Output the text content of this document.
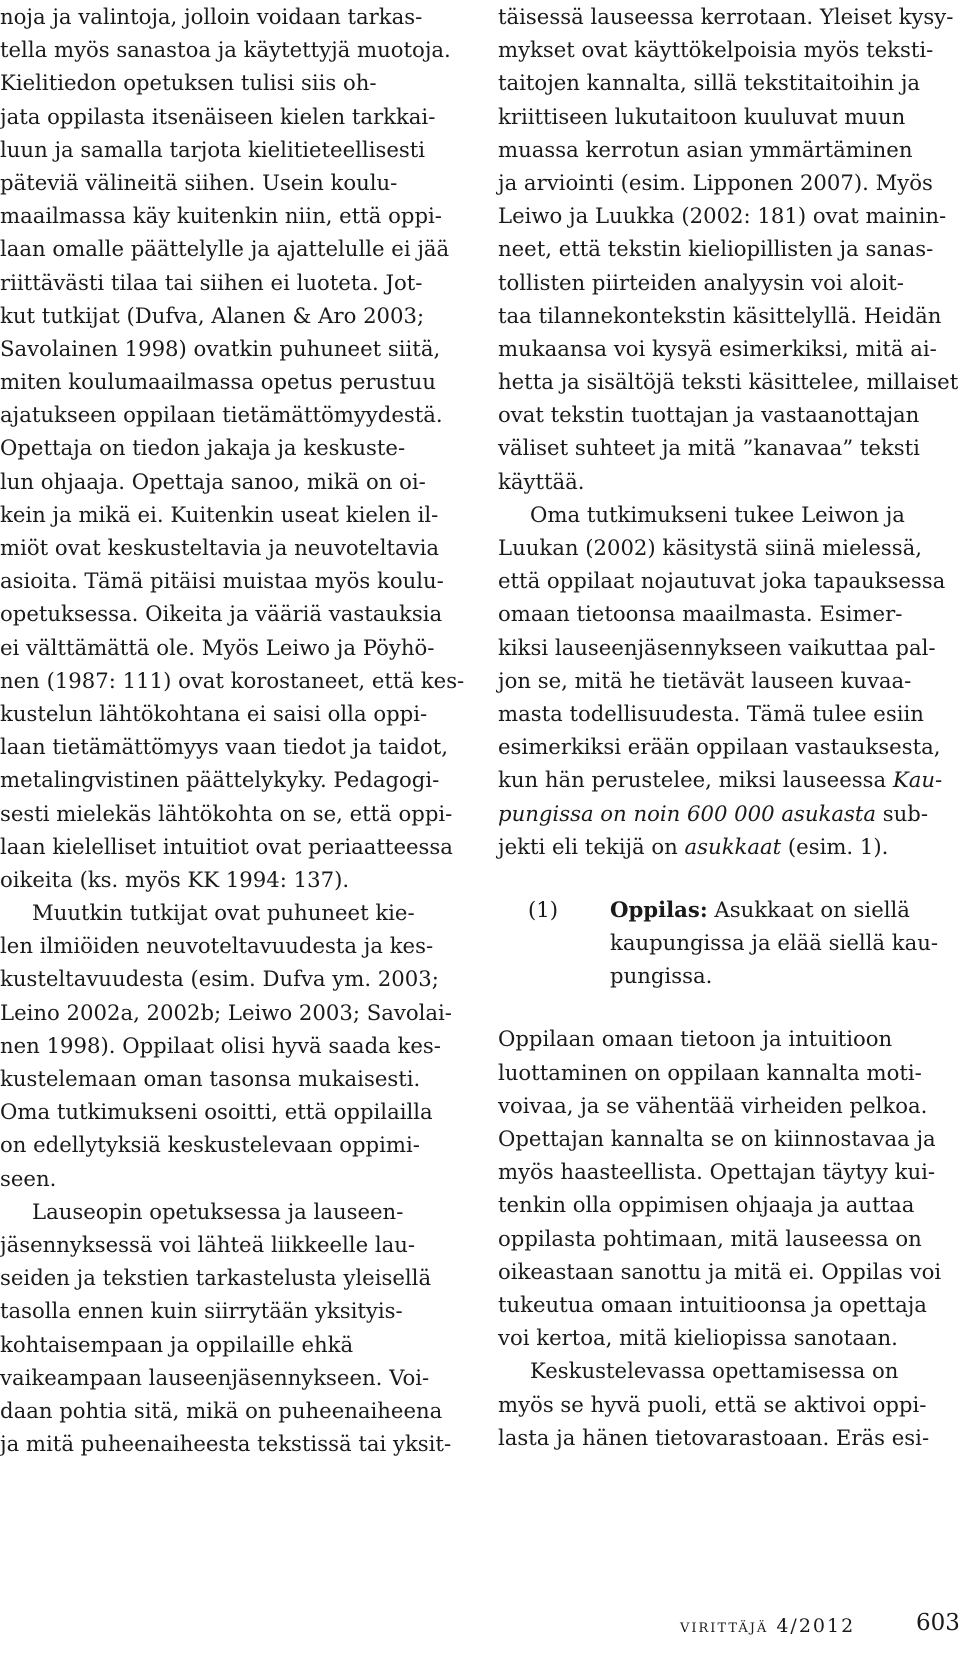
noja ja valintoja, jolloin voidaan tarkas-
tella myös sanastoa ja käytettyjä muotoja.
Kielitiedon opetuksen tulisi siis oh-
jata oppilasta itsenäiseen kielen tarkkai-
luun ja samalla tarjota kielitieteellisesti
päteviä välineitä siihen. Usein koulu-
maailmassa käy kuitenkin niin, että oppi-
laan omalle päättelylle ja ajattelulle ei jää
riittävästi tilaa tai siihen ei luoteta. Jot-
kut tutkijat (Dufva, Alanen & Aro 2003;
Savolainen 1998) ovatkin puhuneet siitä,
miten koulumaailmassa opetus perustuu
ajatukseen oppilaan tietämättömyydestä.
Opettaja on tiedon jakaja ja keskuste-
lun ohjaaja. Opettaja sanoo, mikä on oi-
kein ja mikä ei. Kuitenkin useat kielen il-
miöt ovat keskusteltavia ja neuvoteltavia
asioita. Tämä pitäisi muistaa myös koulu-
opetuksessa. Oikeita ja vääriä vastauksia
ei välttämättä ole. Myös Leiwo ja Pöyhö-
nen (1987: 111) ovat korostaneet, että kes-
kustelun lähtökohtana ei saisi olla oppi-
laan tietämättömyys vaan tiedot ja taidot,
metalingvistinen päättelykyky. Pedagogi-
sesti mielekäs lähtökohta on se, että oppi-
laan kielelliset intuitiot ovat periaatteessa
oikeita (ks. myös KK 1994: 137).
Muutkin tutkijat ovat puhuneet kie-
len ilmiöiden neuvoteltavuudesta ja kes-
kusteltavuudesta (esim. Dufva ym. 2003;
Leino 2002a, 2002b; Leiwo 2003; Savolai-
nen 1998). Oppilaat olisi hyvä saada kes-
kustelemaan oman tasonsa mukaisesti.
Oma tutkimukseni osoitti, että oppilailla
on edellytyksiä keskustelevaan oppimi-
seen.
Lauseopin opetuksessa ja lauseen-
jäsennyksessä voi lähteä liikkeelle lau-
seiden ja tekstien tarkastelusta yleisellä
tasolla ennen kuin siirrytään yksityis-
kohtaisempaan ja oppilaille ehkä
vaikeampaan lauseenjäsennykseen. Voi-
daan pohtia sitä, mikä on puheenaiheena
ja mitä puheenaiheesta tekstissä tai yksit-
täisessä lauseessa kerrotaan. Yleiset kysy-
mykset ovat käyttökelpoisia myös teksti-
taitojen kannalta, sillä tekstitaitoihin ja
kriittiseen lukutaitoon kuuluvat muun
muassa kerrotun asian ymmärtäminen
ja arviointi (esim. Lipponen 2007). Myös
Leiwo ja Luukka (2002: 181) ovat mainin-
neet, että tekstin kieliopillisten ja sanas-
tollisten piirteiden analyysin voi aloit-
taa tilannekontekstin käsittelyllä. Heidän
mukaansa voi kysyä esimerkiksi, mitä ai-
hetta ja sisältöjä teksti käsittelee, millaiset
ovat tekstin tuottajan ja vastaanottajan
väliset suhteet ja mitä ”kanavaa” teksti
käyttää.
Oma tutkimukseni tukee Leiwon ja
Luukan (2002) käsitystä siinä mielessä,
että oppilaat nojautuvat joka tapauksessa
omaan tietoonsa maailmasta. Esimer-
kiksi lauseenjäsennykseen vaikuttaa pal-
jon se, mitä he tietävät lauseen kuvaa-
masta todellisuudesta. Tämä tulee esiin
esimerkiksi erään oppilaan vastauksesta,
kun hän perustelee, miksi lauseessa Kau-
pungissa on noin 600 000 asukasta sub-
jekti eli tekijä on asukkaat (esim. 1).
(1) Oppilas: Asukkaat on siellä
kaupungissa ja elää siellä kau-
pungissa.
Oppilaan omaan tietoon ja intuitioon
luottaminen on oppilaan kannalta moti-
voivaa, ja se vähentää virheiden pelkoa.
Opettajan kannalta se on kiinnostavaa ja
myös haasteellista. Opettajan täytyy kui-
tenkin olla oppimisen ohjaaja ja auttaa
oppilasta pohtimaan, mitä lauseessa on
oikeastaan sanottu ja mitä ei. Oppilas voi
tukeutua omaan intuitioonsa ja opettaja
voi kertoa, mitä kieliopissa sanotaan.
Keskustelevassa opettamisessa on
myös se hyvä puoli, että se aktivoi oppi-
lasta ja hänen tietovarastoaan. Eräs esi-
virittäjä 4/2012	603
